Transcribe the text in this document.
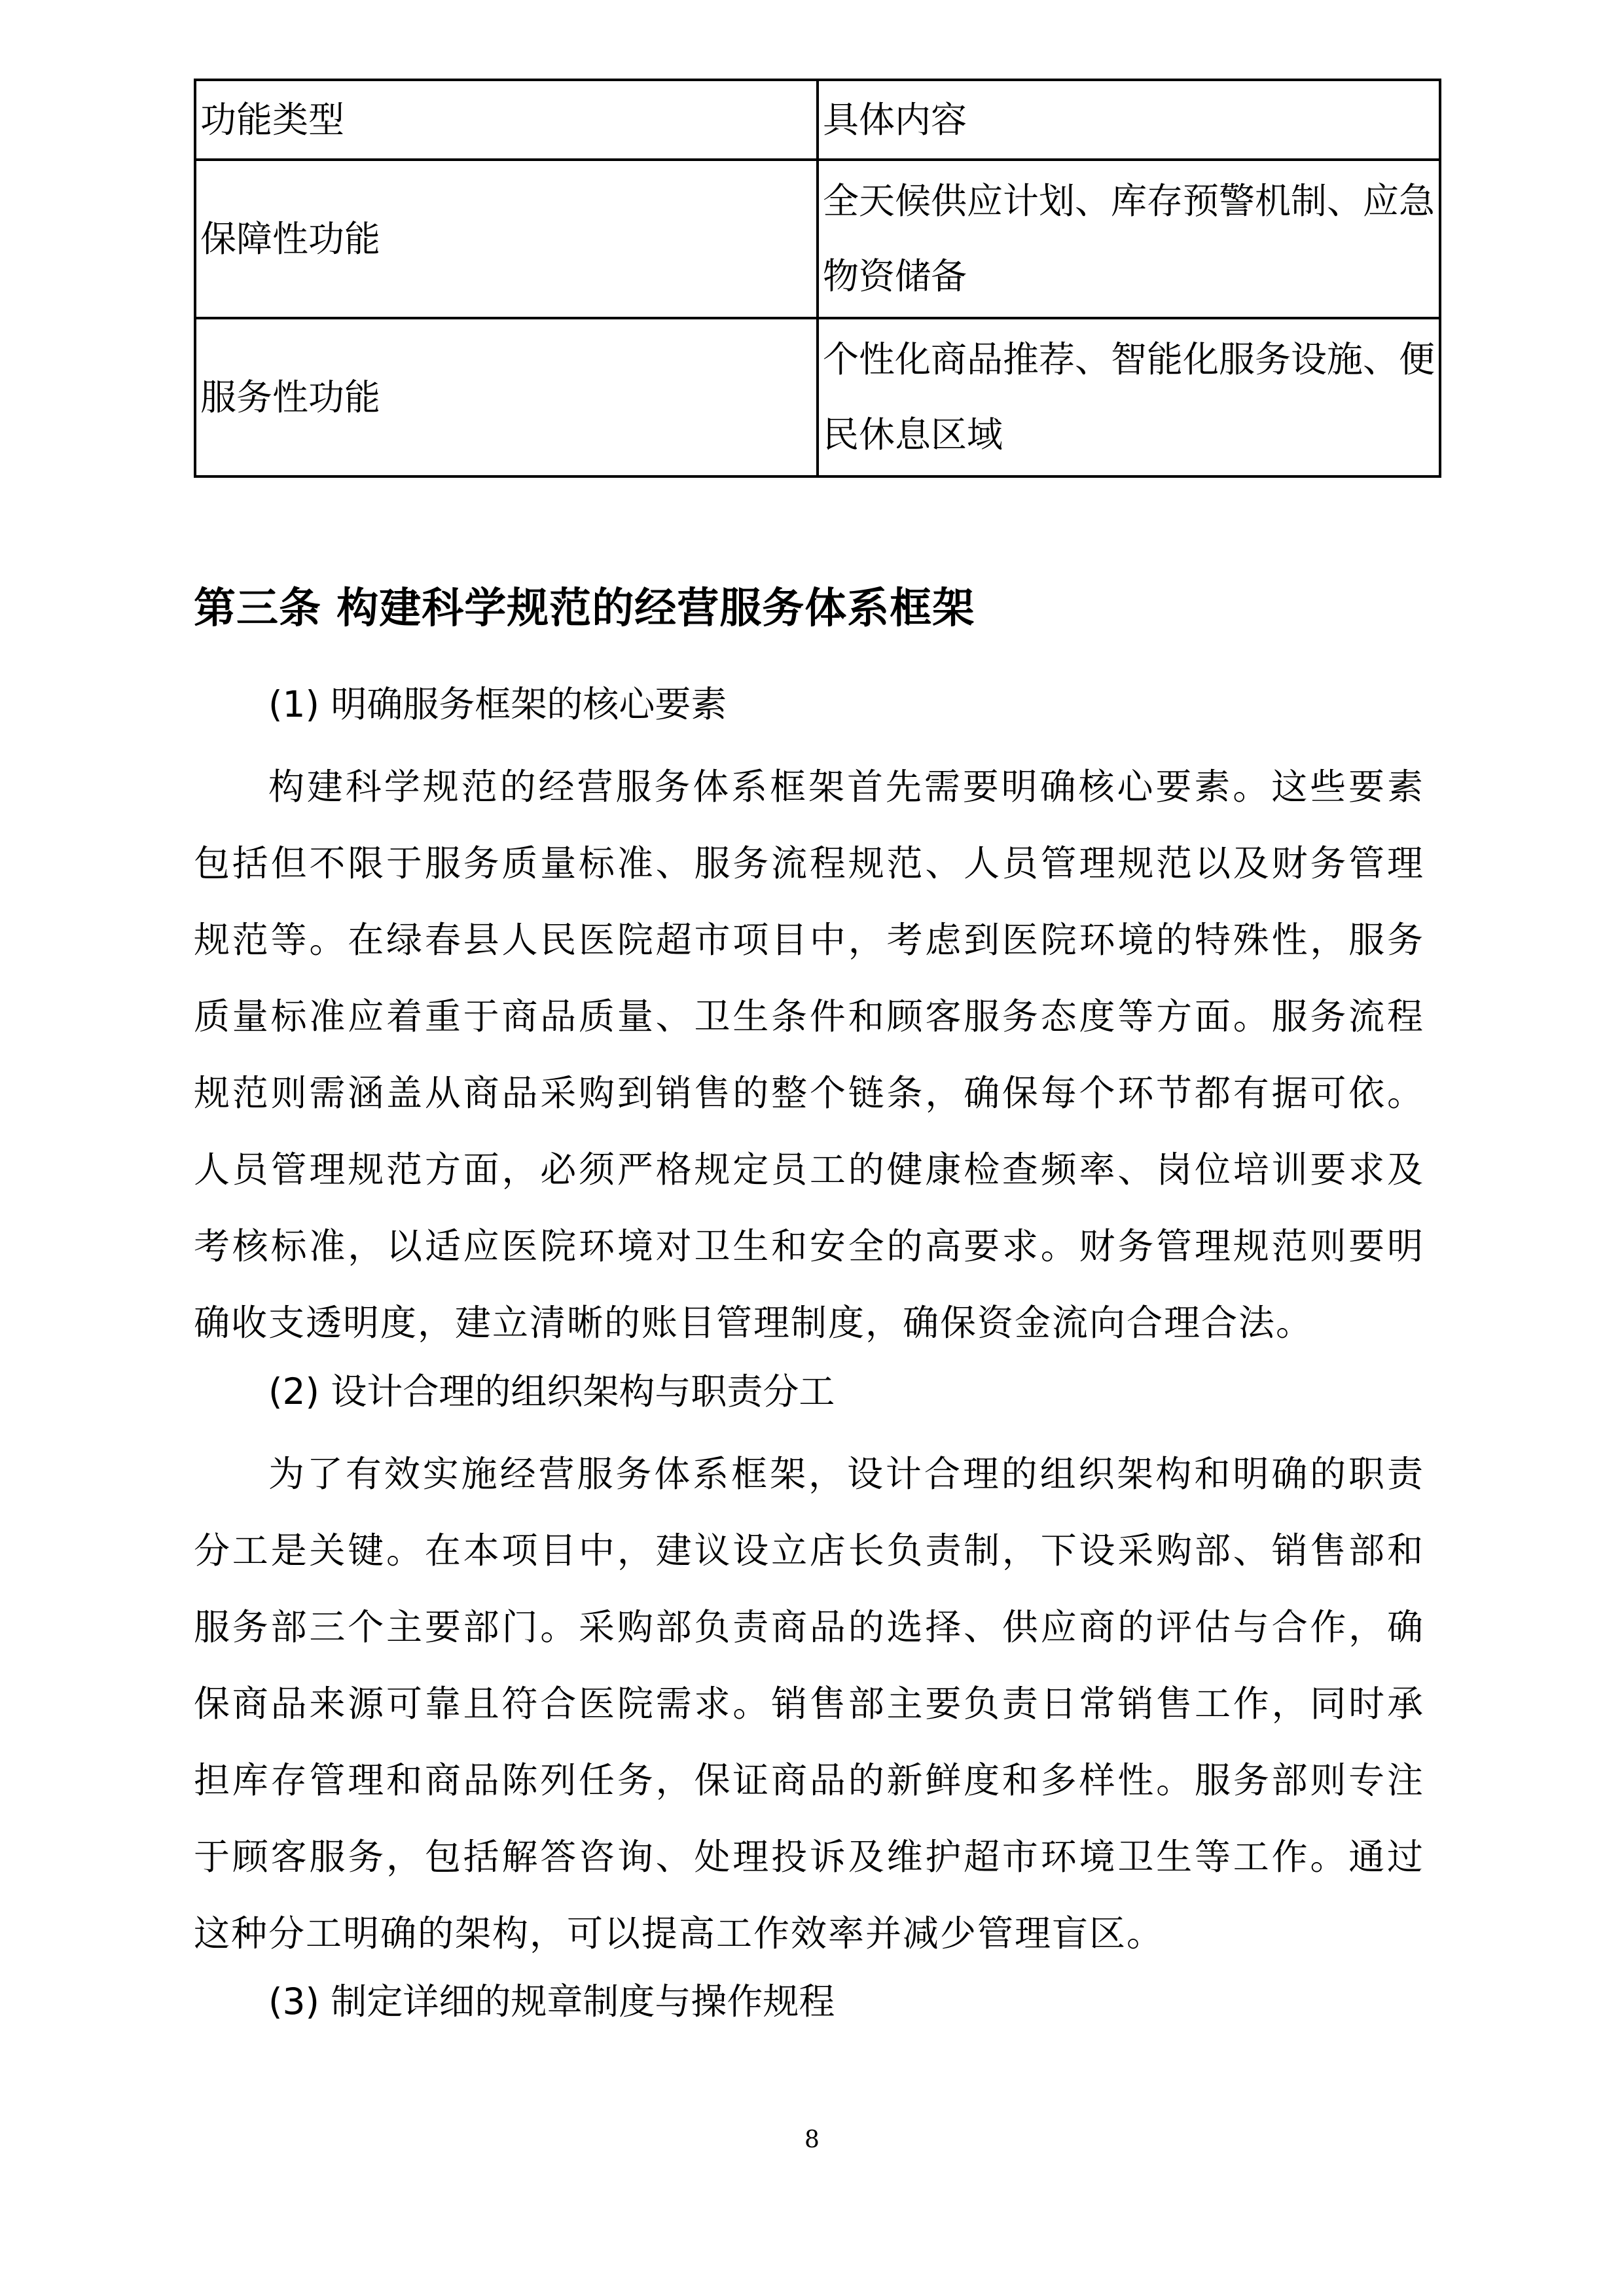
功能类型	具体内容
保障性功能	全天候供应计划、库存预警机制、应急物资储备
服务性功能	个性化商品推荐、智能化服务设施、便民休息区域
第三条 构建科学规范的经营服务体系框架
(1) 明确服务框架的核心要素
构建科学规范的经营服务体系框架首先需要明确核心要素。这些要素包括但不限于服务质量标准、服务流程规范、人员管理规范以及财务管理规范等。在绿春县人民医院超市项目中，考虑到医院环境的特殊性，服务质量标准应着重于商品质量、卫生条件和顾客服务态度等方面。服务流程规范则需涵盖从商品采购到销售的整个链条，确保每个环节都有据可依。人员管理规范方面，必须严格规定员工的健康检查频率、岗位培训要求及考核标准，以适应医院环境对卫生和安全的高要求。财务管理规范则要明确收支透明度，建立清晰的账目管理制度，确保资金流向合理合法。
(2) 设计合理的组织架构与职责分工
为了有效实施经营服务体系框架，设计合理的组织架构和明确的职责分工是关键。在本项目中，建议设立店长负责制，下设采购部、销售部和服务部三个主要部门。采购部负责商品的选择、供应商的评估与合作，确保商品来源可靠且符合医院需求。销售部主要负责日常销售工作，同时承担库存管理和商品陈列任务，保证商品的新鲜度和多样性。服务部则专注于顾客服务，包括解答咨询、处理投诉及维护超市环境卫生等工作。通过这种分工明确的架构，可以提高工作效率并减少管理盲区。
(3) 制定详细的规章制度与操作规程
8
